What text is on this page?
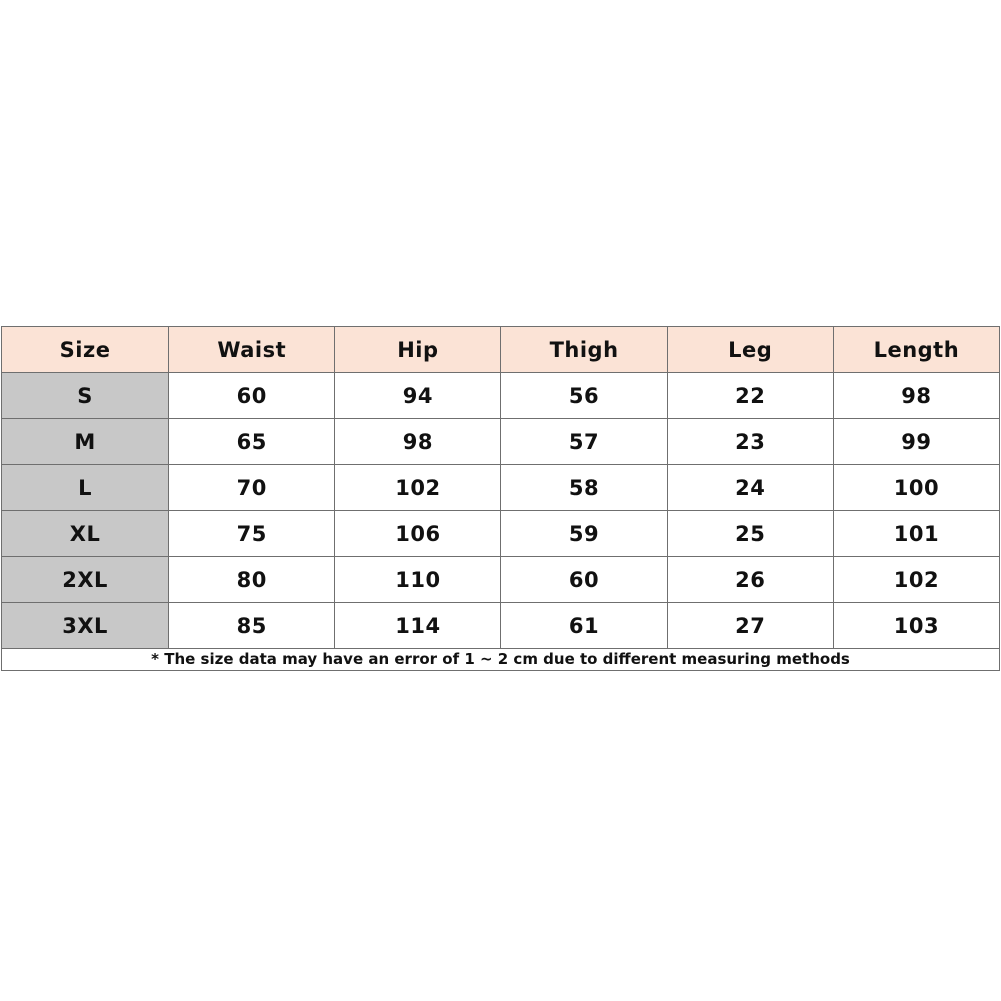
Size	Waist	Hip	Thigh	Leg	Length
S	60	94	56	22	98
M	65	98	57	23	99
L	70	102	58	24	100
XL	75	106	59	25	101
2XL	80	110	60	26	102
3XL	85	114	61	27	103
* The size data may have an error of 1 ~ 2 cm due to different measuring methods
